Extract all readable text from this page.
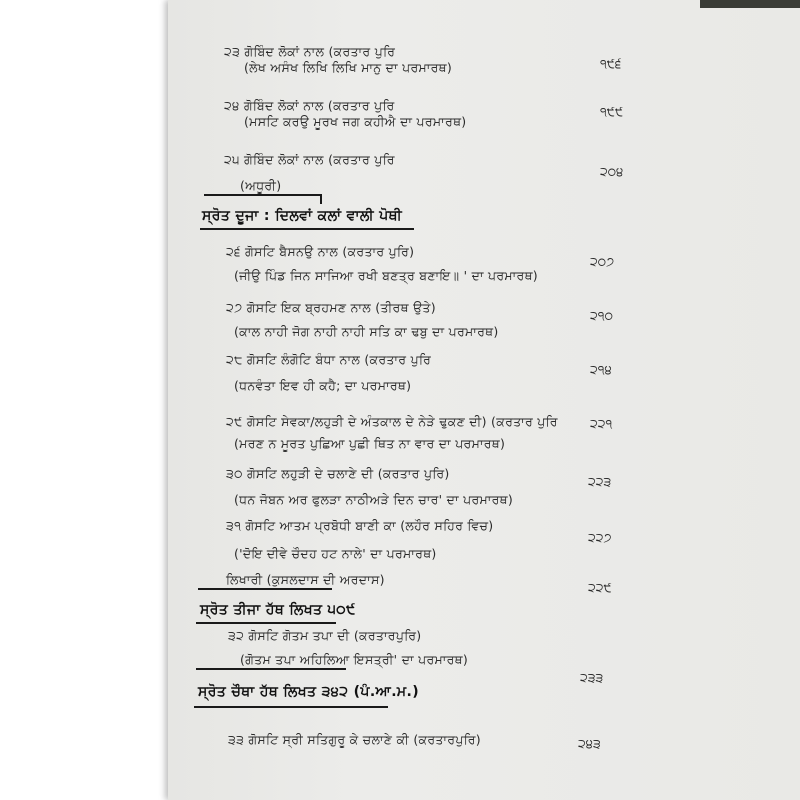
੨੩ ਗੋਬਿੰਦ ਲੋਕਾਂ ਨਾਲ (ਕਰਤਾਰ ਪੁਰਿ
(ਲੇਖ ਅਸੰਖ ਲਿਖਿ ਲਿਖਿ ਮਾਨੁ ਦਾ ਪਰਮਾਰਥ)	੧੯੬
੨੪ ਗੋਬਿੰਦ ਲੋਕਾਂ ਨਾਲ (ਕਰਤਾਰ ਪੁਰਿ
(ਮਸਟਿ ਕਰਉ ਮੂਰਖ ਜਗ ਕਹੀਐ ਦਾ ਪਰਮਾਰਥ)
੧੯੯
੨੫ ਗੋਬਿੰਦ ਲੋਕਾਂ ਨਾਲ (ਕਰਤਾਰ ਪੁਰਿ
(ਅਧੂਰੀ)
੨੦੪
ਸ੍ਰੋਤ ਦੂਜਾ : ਦਿਲਵਾਂ ਕਲਾਂ ਵਾਲੀ ਪੋਥੀ
੨੬ ਗੋਸਟਿ ਬੈਸਨਉ ਨਾਲ (ਕਰਤਾਰ ਪੁਰਿ)
(ਜੀਉ ਪਿੰਡ ਜਿਨ ਸਾਜਿਆ ਰਖੀ ਬਣਤ੍ਰ ਬਣਾਇ॥ ' ਦਾ ਪਰਮਾਰਥ)
੨੦੭
੨੭ ਗੋਸਟਿ ਇਕ ਬ੍ਰਹਮਣ ਨਾਲ (ਤੀਰਥ ਉਤੇ)
(ਕਾਲ ਨਾਹੀ ਜੋਗ ਨਾਹੀ ਨਾਹੀ ਸਤਿ ਕਾ ਢਬੁ ਦਾ ਪਰਮਾਰਥ)
੨੧੦
੨੮ ਗੋਸਟਿ ਲੰਗੋਟਿ ਬੰਧਾ ਨਾਲ (ਕਰਤਾਰ ਪੁਰਿ
(ਧਨਵੰਤਾ ਇਵ ਹੀ ਕਹੈ; ਦਾ ਪਰਮਾਰਥ)
੨੧੪
੨੯ ਗੋਸਟਿ ਸੇਵਕਾ/ਲਹੁੜੀ ਦੇ ਅੰਤਕਾਲ ਦੇ ਨੇੜੇ ਢੁਕਣ ਦੀ) (ਕਰਤਾਰ ਪੁਰਿ
(ਮਰਣ ਨ ਮੂਰਤ ਪੁਛਿਆ ਪੁਛੀ ਥਿਤ ਨਾ ਵਾਰ ਦਾ ਪਰਮਾਰਥ)
੨੨੧
੩੦ ਗੋਸਟਿ ਲਹੁੜੀ ਦੇ ਚਲਾਣੇ ਦੀ (ਕਰਤਾਰ ਪੁਰਿ)
(ਧਨ ਜੋਬਨ ਅਰ ਫੁਲੜਾ ਨਾਠੀਅੜੇ ਦਿਨ ਚਾਰ' ਦਾ ਪਰਮਾਰਥ)
੨੨੩
੩੧ ਗੋਸਟਿ ਆਤਮ ਪ੍ਰਬੋਧੀ ਬਾਣੀ ਕਾ (ਲਹੌਰ ਸਹਿਰ ਵਿਚ)
('ਦੋਇ ਦੀਵੇ ਚੌਦਹ ਹਟ ਨਾਲੇ' ਦਾ ਪਰਮਾਰਥ)
੨੨੭
ਲਿਖਾਰੀ (ਕੁਸਲਦਾਸ ਦੀ ਅਰਦਾਸ)
੨੨੯
ਸ੍ਰੋਤ ਤੀਜਾ ਹੱਥ ਲਿਖਤ ੫੦੯
੩੨ ਗੋਸਟਿ ਗੋਤਮ ਤਪਾ ਦੀ (ਕਰਤਾਰਪੁਰਿ)
(ਗੋਤਮ ਤਪਾ ਅਹਿਲਿਆ ਇਸਤ੍ਰੀ' ਦਾ ਪਰਮਾਰਥ)
੨੩੩
ਸ੍ਰੋਤ ਚੌਥਾ ਹੱਥ ਲਿਖਤ ੩੪੨ (ਪੰ.ਆ.ਮ.)
੩੩ ਗੋਸਟਿ ਸ੍ਰੀ ਸਤਿਗੁਰੂ ਕੇ ਚਲਾਣੇ ਕੀ (ਕਰਤਾਰਪੁਰਿ)	੨੪੩
